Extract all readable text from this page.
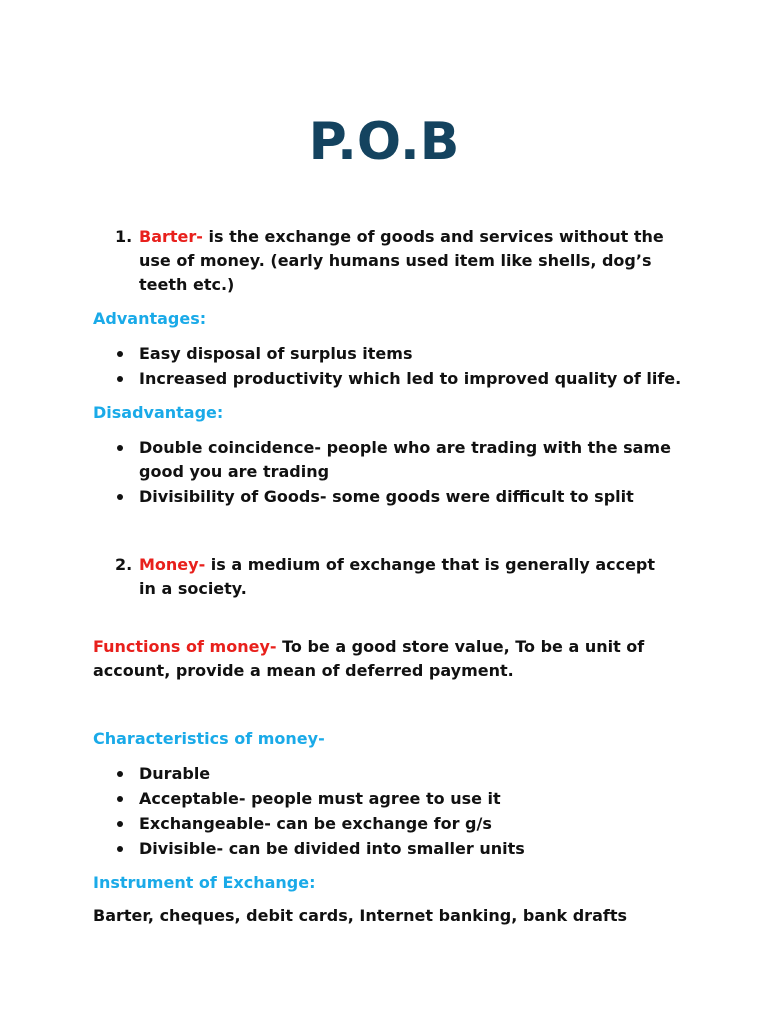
P.O.B
1. Barter- is the exchange of goods and services without the use of money. (early humans used item like shells, dog’s teeth etc.)
Advantages:
Easy disposal of surplus items
Increased productivity which led to improved quality of life.
Disadvantage:
Double coincidence- people who are trading with the same good you are trading
Divisibility of Goods- some goods were difficult to split
2. Money- is a medium of exchange that is generally accept in a society.
Functions of money- To be a good store value, To be a unit of account, provide a mean of deferred payment.
Characteristics of money-
Durable
Acceptable- people must agree to use it
Exchangeable- can be exchange for g/s
Divisible- can be divided into smaller units
Instrument of Exchange:
Barter, cheques, debit cards, Internet banking, bank drafts
